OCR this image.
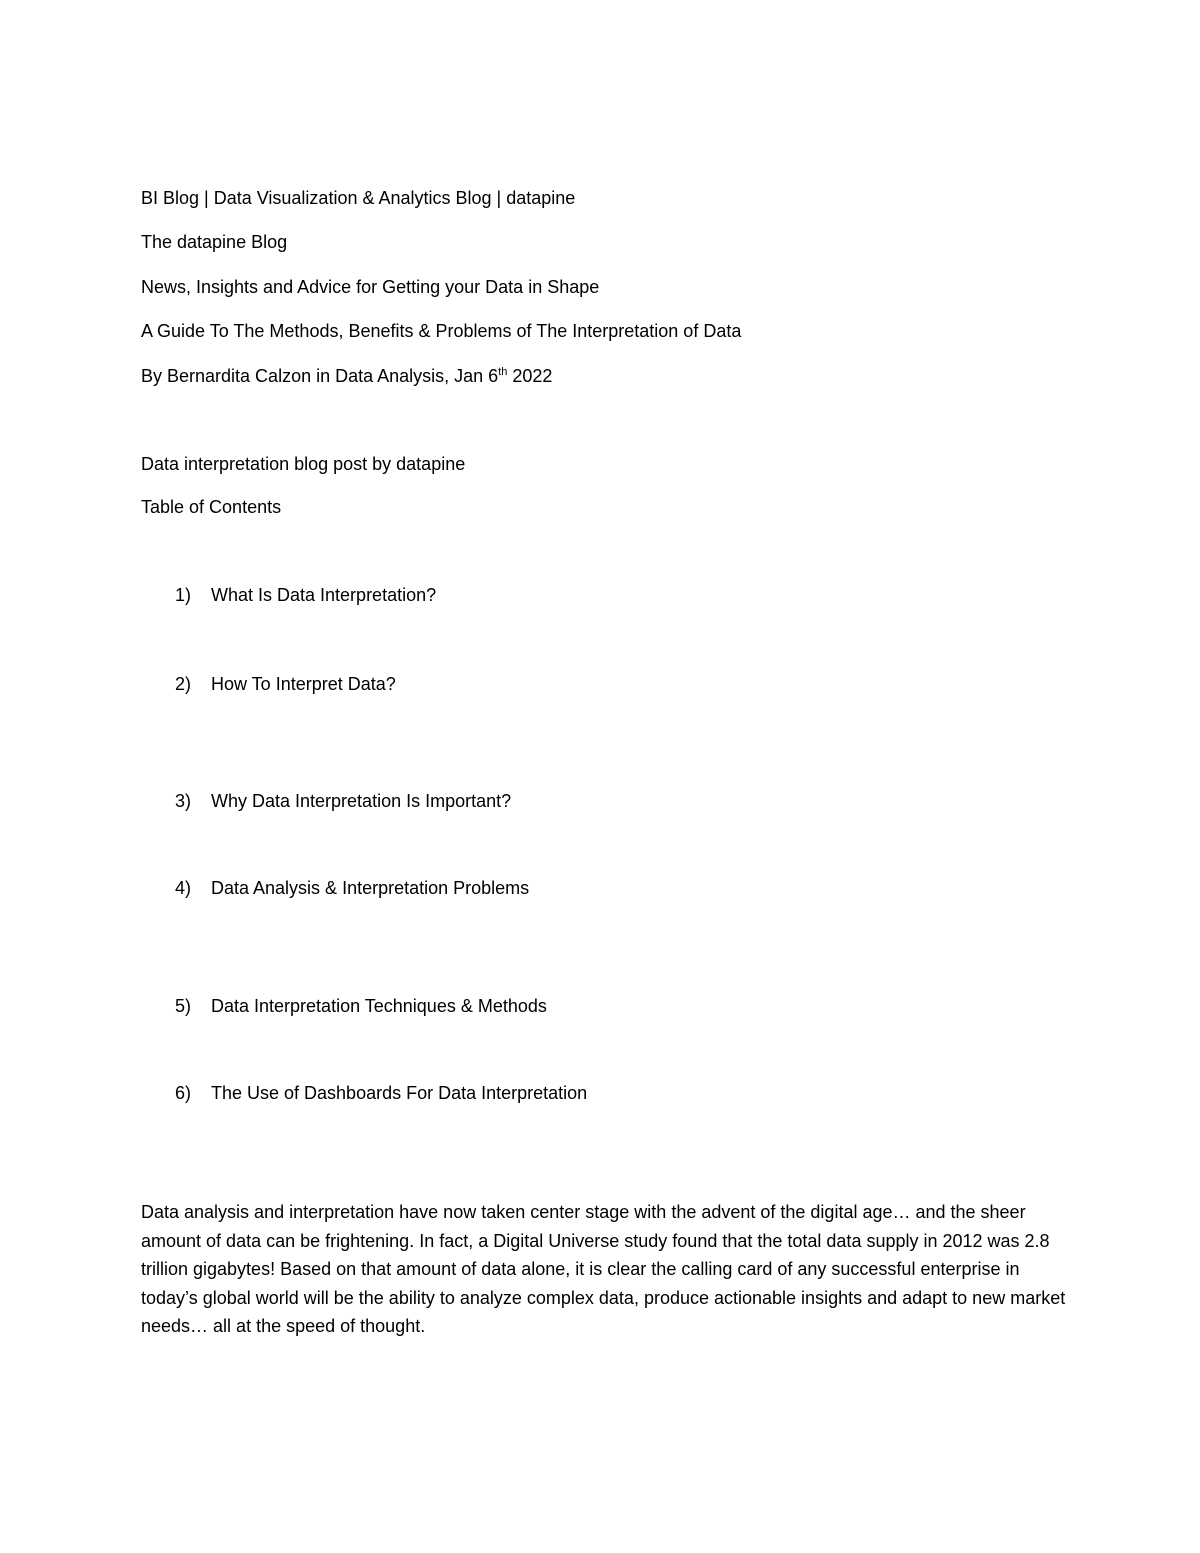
BI Blog | Data Visualization & Analytics Blog | datapine
The datapine Blog
News, Insights and Advice for Getting your Data in Shape
A Guide To The Methods, Benefits & Problems of The Interpretation of Data
By Bernardita Calzon in Data Analysis, Jan 6th 2022
Data interpretation blog post by datapine
Table of Contents
1) What Is Data Interpretation?
2) How To Interpret Data?
3) Why Data Interpretation Is Important?
4) Data Analysis & Interpretation Problems
5) Data Interpretation Techniques & Methods
6) The Use of Dashboards For Data Interpretation
Data analysis and interpretation have now taken center stage with the advent of the digital age… and the sheer amount of data can be frightening. In fact, a Digital Universe study found that the total data supply in 2012 was 2.8 trillion gigabytes! Based on that amount of data alone, it is clear the calling card of any successful enterprise in today’s global world will be the ability to analyze complex data, produce actionable insights and adapt to new market needs… all at the speed of thought.
